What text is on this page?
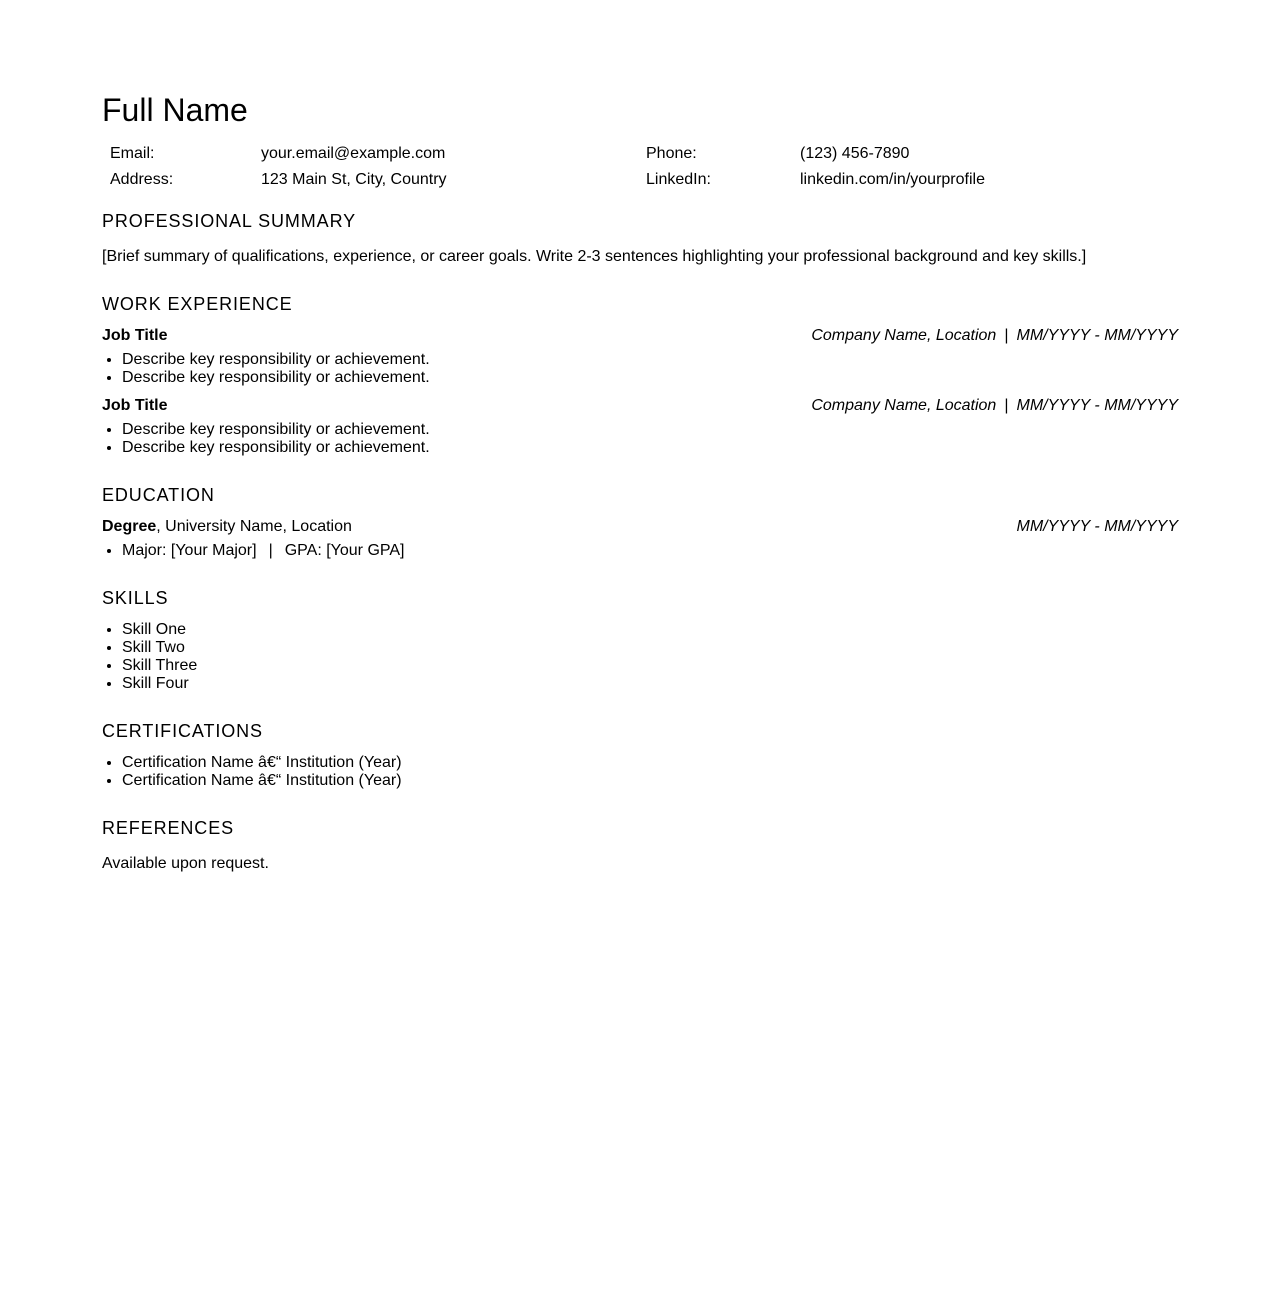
Full Name
Email:	your.email@example.com	Phone:	(123) 456-7890
Address:	123 Main St, City, Country	LinkedIn:	linkedin.com/in/yourprofile
PROFESSIONAL SUMMARY
[Brief summary of qualifications, experience, or career goals. Write 2-3 sentences highlighting your professional background and key skills.]
WORK EXPERIENCE
Job Title	Company Name, Location | MM/YYYY - MM/YYYY
• Describe key responsibility or achievement.
• Describe key responsibility or achievement.
Job Title	Company Name, Location | MM/YYYY - MM/YYYY
• Describe key responsibility or achievement.
• Describe key responsibility or achievement.
EDUCATION
Degree, University Name, Location	MM/YYYY - MM/YYYY
• Major: [Your Major] | GPA: [Your GPA]
SKILLS
• Skill One
• Skill Two
• Skill Three
• Skill Four
CERTIFICATIONS
• Certification Name â€“ Institution (Year)
• Certification Name â€“ Institution (Year)
REFERENCES
Available upon request.
